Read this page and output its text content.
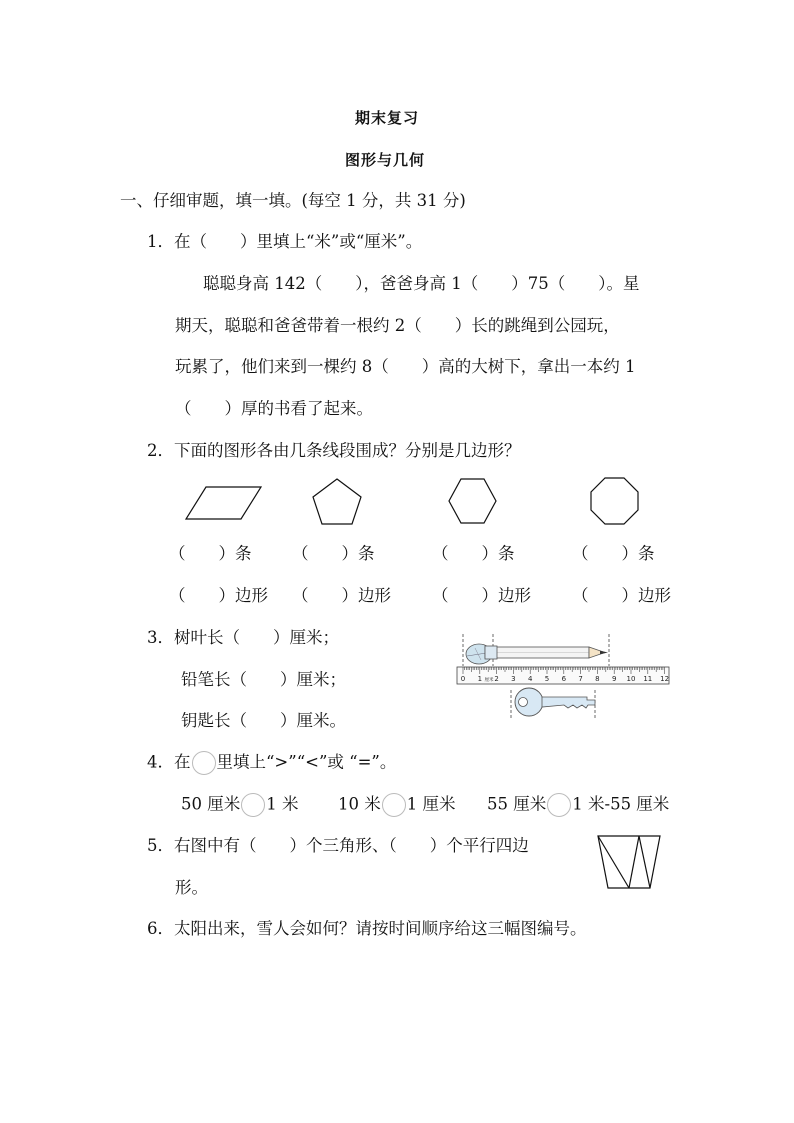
期末复习
图形与几何
一、仔细审题，填一填。(每空 1 分，共 31 分)
1．在（　　）里填上“米”或“厘米”。
聪聪身高 142（　　），爸爸身高 1（　　）75（　　）。星
期天，聪聪和爸爸带着一根约 2（　　）长的跳绳到公园玩，
玩累了，他们来到一棵约 8（　　）高的大树下，拿出一本约 1
（　　）厚的书看了起来。
2．下面的图形各由几条线段围成？分别是几边形？
（　　）条 （　　）条	（　　）条	（　　）条
（　　）边形 （　　）边形 （　　）边形 （　　）边形
3．树叶长（　　）厘米；
铅笔长（　　）厘米；
钥匙长（　　）厘米。
0 1 2 3 4 5 6 7 8 9 10 11 12
厘米
4．在 里填上“>”“<”或 “=”。
50 厘米 1 米 10 米 1 厘米 55 厘米 1 米-55 厘米
5．右图中有（　　）个三角形、（　　）个平行四边
形。
6．太阳出来，雪人会如何？请按时间顺序给这三幅图编号。
